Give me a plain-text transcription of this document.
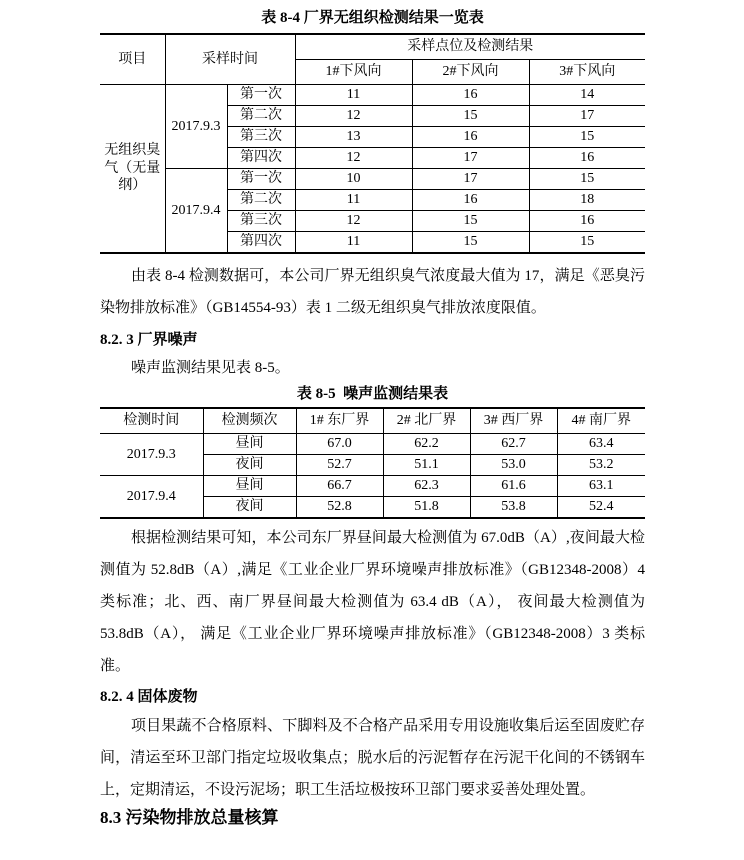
表 8-4 厂界无组织检测结果一览表
项目	采样时间		采样点位及检测结果		
			1#下风向	2#下风向	3#下风向
无组织臭气（无量纲）	2017.9.3	第一次	11	16	14
		第二次	12	15	17
		第三次	13	16	15
		第四次	12	17	16
	2017.9.4	第一次	10	17	15
		第二次	11	16	18
		第三次	12	15	16
		第四次	11	15	15

由表 8-4 检测数据可，本公司厂界无组织臭气浓度最大值为 17，满足《恶臭污染物排放标准》（GB14554-93）表 1 二级无组织臭气排放浓度限值。

8.2. 3 厂界噪声

噪声监测结果见表 8-5。

表 8-5  噪声监测结果表
检测时间	检测频次	1# 东厂界	2# 北厂界	3# 西厂界	4# 南厂界
2017.9.3	昼间	67.0	62.2	62.7	63.4
	夜间	52.7	51.1	53.0	53.2
2017.9.4	昼间	66.7	62.3	61.6	63.1
	夜间	52.8	51.8	53.8	52.4

根据检测结果可知，本公司东厂界昼间最大检测值为 67.0dB（A）,夜间最大检测值为 52.8dB（A）,满足《工业企业厂界环境噪声排放标准》（GB12348-2008）4 类标准；北、西、南厂界昼间最大检测值为 63.4 dB（A）， 夜间最大检测值为 53.8dB（A）， 满足《工业企业厂界环境噪声排放标准》（GB12348-2008）3 类标准。

8.2. 4 固体废物

项目果蔬不合格原料、下脚料及不合格产品采用专用设施收集后运至固废贮存间，清运至环卫部门指定垃圾收集点；脱水后的污泥暂存在污泥干化间的不锈钢车上，定期清运，不设污泥场；职工生活垃极按环卫部门要求妥善处理处置。

8.3 污染物排放总量核算
